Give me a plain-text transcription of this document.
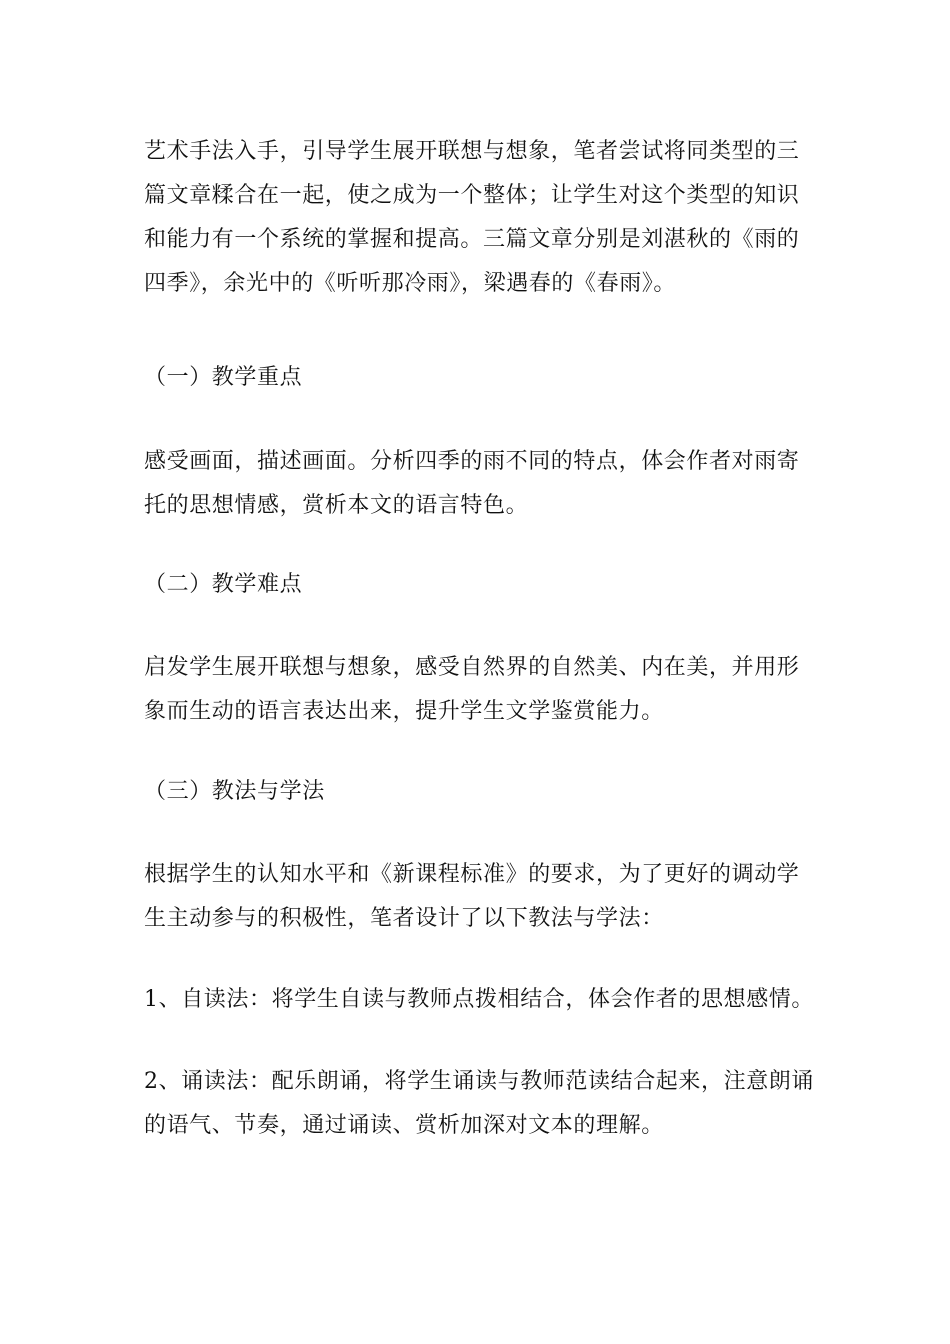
艺术手法入手，引导学生展开联想与想象，笔者尝试将同类型的三
篇文章糅合在一起，使之成为一个整体；让学生对这个类型的知识
和能力有一个系统的掌握和提高。三篇文章分别是刘湛秋的《雨的
四季》，余光中的《听听那冷雨》，梁遇春的《春雨》。
（一）教学重点
感受画面，描述画面。分析四季的雨不同的特点，体会作者对雨寄
托的思想情感，赏析本文的语言特色。
（二）教学难点
启发学生展开联想与想象，感受自然界的自然美、内在美，并用形
象而生动的语言表达出来，提升学生文学鉴赏能力。
（三）教法与学法
根据学生的认知水平和《新课程标准》的要求，为了更好的调动学
生主动参与的积极性，笔者设计了以下教法与学法：
1、自读法：将学生自读与教师点拨相结合，体会作者的思想感情。
2、诵读法：配乐朗诵，将学生诵读与教师范读结合起来，注意朗诵
的语气、节奏，通过诵读、赏析加深对文本的理解。
